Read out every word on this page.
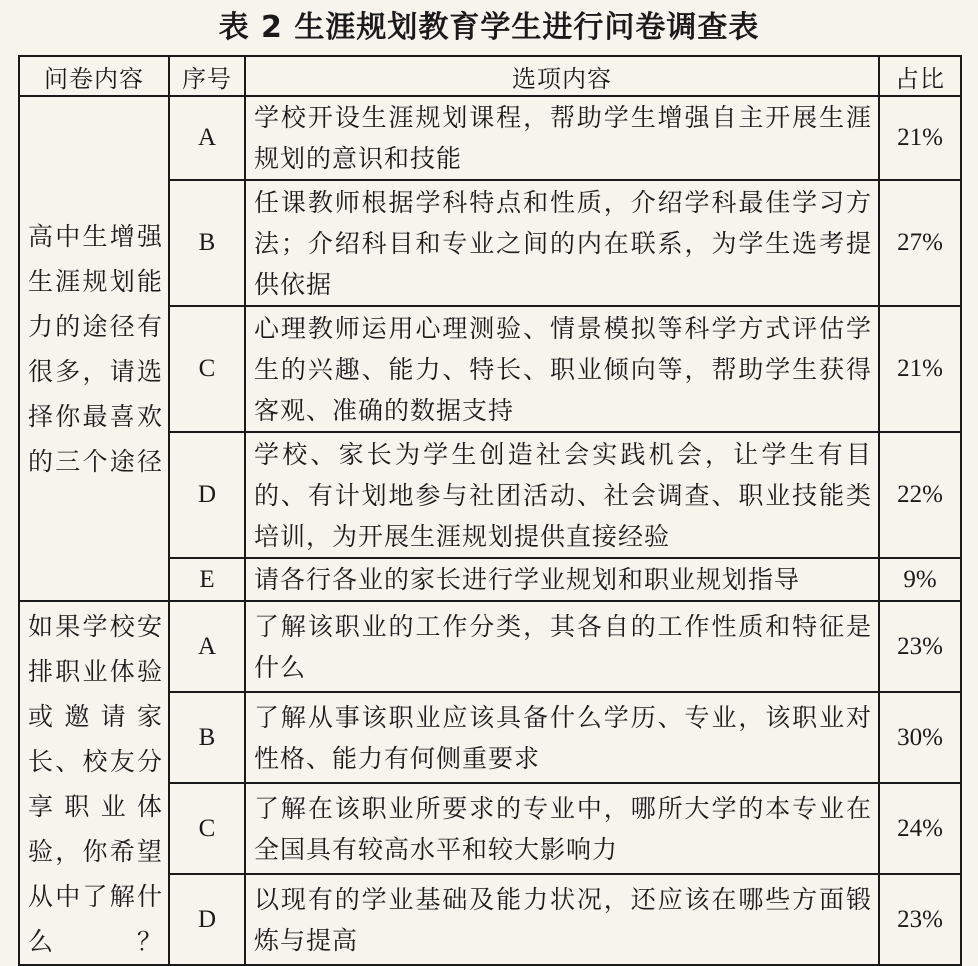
表 2 生涯规划教育学生进行问卷调查表
问卷内容	序号	选项内容	占比
高中生增强生涯规划能力的途径有很多，请选择你最喜欢的三个途径	A	学校开设生涯规划课程，帮助学生增强自主开展生涯规划的意识和技能	21%
	B	任课教师根据学科特点和性质，介绍学科最佳学习方法；介绍科目和专业之间的内在联系，为学生选考提供依据	27%
	C	心理教师运用心理测验、情景模拟等科学方式评估学生的兴趣、能力、特长、职业倾向等，帮助学生获得客观、准确的数据支持	21%
	D	学校、家长为学生创造社会实践机会，让学生有目的、有计划地参与社团活动、社会调查、职业技能类培训，为开展生涯规划提供直接经验	22%
	E	请各行各业的家长进行学业规划和职业规划指导	9%
如果学校安排职业体验或邀请家长、校友分享职业体验，你希望从中了解什么？	A	了解该职业的工作分类，其各自的工作性质和特征是什么	23%
	B	了解从事该职业应该具备什么学历、专业，该职业对性格、能力有何侧重要求	30%
	C	了解在该职业所要求的专业中，哪所大学的本专业在全国具有较高水平和较大影响力	24%
	D	以现有的学业基础及能力状况，还应该在哪些方面锻炼与提高	23%
